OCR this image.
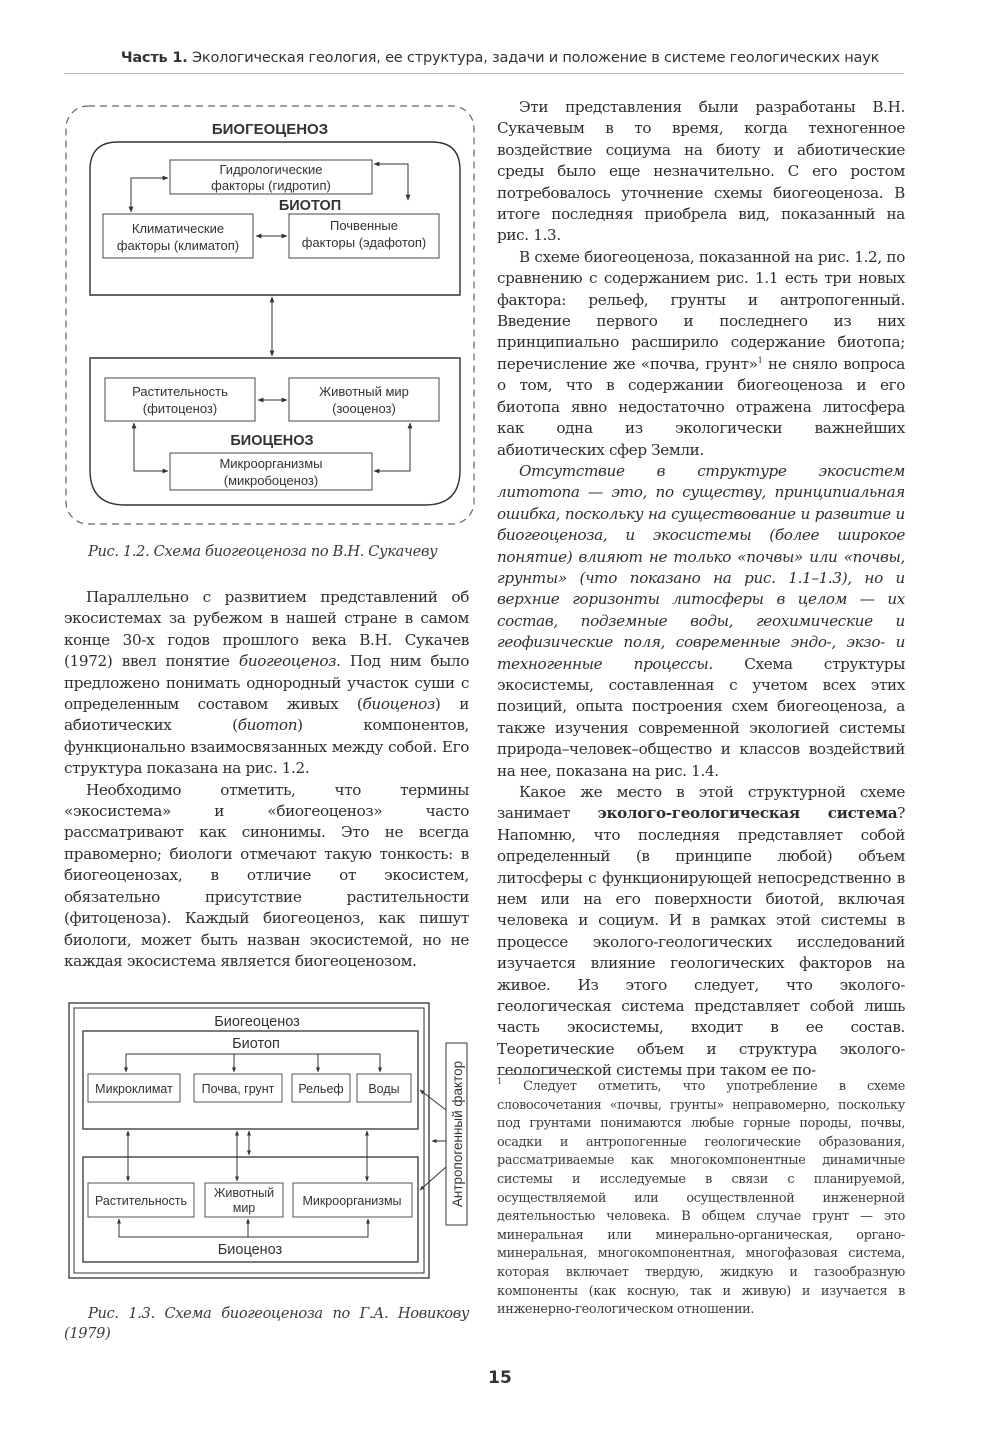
Часть 1. Экологическая геология, ее структура, задачи и положение в системе геологических наук
БИОГЕОЦЕНОЗ
Гидрологические
факторы (гидротип)
БИОТОП
Климатические
факторы (климатоп)
Почвенные
факторы (эдафотоп)
Растительность
(фитоценоз)
Животный мир
(зооценоз)
БИОЦЕНОЗ
Микроорганизмы
(микробоценоз)
Рис. 1.2. Схема биогеоценоза по В.Н. Сукачеву

Параллельно с развитием представлений об экосистемах за рубежом в нашей стране в самом конце 30-х годов прошлого века В.Н. Сукачев (1972) ввел понятие биогеоценоз. Под ним было предложено понимать однородный участок суши с определенным составом живых (биоценоз) и абиотических (биотоп) компонентов, функционально взаимосвязанных между собой. Его структура показана на рис. 1.2.

Необходимо отметить, что термины «экосистема» и «биогеоценоз» часто рассматривают как синонимы. Это не всегда правомерно; биологи отмечают такую тонкость: в биогеоценозах, в отличие от экосистем, обязательно присутствие растительности (фитоценоза). Каждый биогеоценоз, как пишут биологи, может быть назван экосистемой, но не каждая экосистема является биогеоценозом.

Биогеоценоз
Биотоп
Микроклимат Почва, грунт Рельеф Воды
Растительность
Животный
мир	Микроорганизмы
Биоценоз
Антропогенный фактор
Рис. 1.3. Схема биогеоценоза по Г.А. Новикову (1979)

Эти представления были разработаны В.Н. Сукачевым в то время, когда техногенное воздействие социума на биоту и абиотические среды было еще незначительно. С его ростом потребовалось уточнение схемы биогеоценоза. В итоге последняя приобрела вид, показанный на рис. 1.3.

В схеме биогеоценоза, показанной на рис. 1.2, по сравнению с содержанием рис. 1.1 есть три новых фактора: рельеф, грунты и антропогенный. Введение первого и последнего из них принципиально расширило содержание биотопа; перечисление же «почва, грунт»$^1$ не сняло вопроса о том, что в содержании биогеоценоза и его биотопа явно недостаточно отражена литосфера как одна из экологически важнейших абиотических сфер Земли.

Отсутствие в структуре экосистем литотопа — это, по существу, принципиальная ошибка, поскольку на существование и развитие и биогеоценоза, и экосистемы (более широкое понятие) влияют не только «почвы» или «почвы, грунты» (что показано на рис. 1.1–1.3), но и верхние горизонты литосферы в целом — их состав, подземные воды, геохимические и геофизические поля, современные эндо-, экзо- и техногенные процессы. Схема структуры экосистемы, составленная с учетом всех этих позиций, опыта построения схем биогеоценоза, а также изучения современной экологией системы природа–человек–общество и классов воздействий на нее, показана на рис. 1.4.

Какое же место в этой структурной схеме занимает эколого-геологическая система? Напомню, что последняя представляет собой определенный (в принципе любой) объем литосферы с функционирующей непосредственно в нем или на его поверхности биотой, включая человека и социум. И в рамках этой системы в процессе эколого-геологических исследований изучается влияние геологических факторов на живое. Из этого следует, что эколого-геологическая система представляет собой лишь часть экосистемы, входит в ее состав. Теоретические объем и структура эколого-геологической системы при таком ее по-

$^1$ Следует отметить, что употребление в схеме словосочетания «почвы, грунты» неправомерно, поскольку под грунтами понимаются любые горные породы, почвы, осадки и антропогенные геологические образования, рассматриваемые как многокомпонентные динамичные системы и исследуемые в связи с планируемой, осуществляемой или осуществленной инженерной деятельностью человека. В общем случае грунт — это минеральная или минерально-органическая, органо-минеральная, многокомпонентная, многофазовая система, которая включает твердую, жидкую и газообразную компоненты (как косную, так и живую) и изучается в инженерно-геологическом отношении.
15
